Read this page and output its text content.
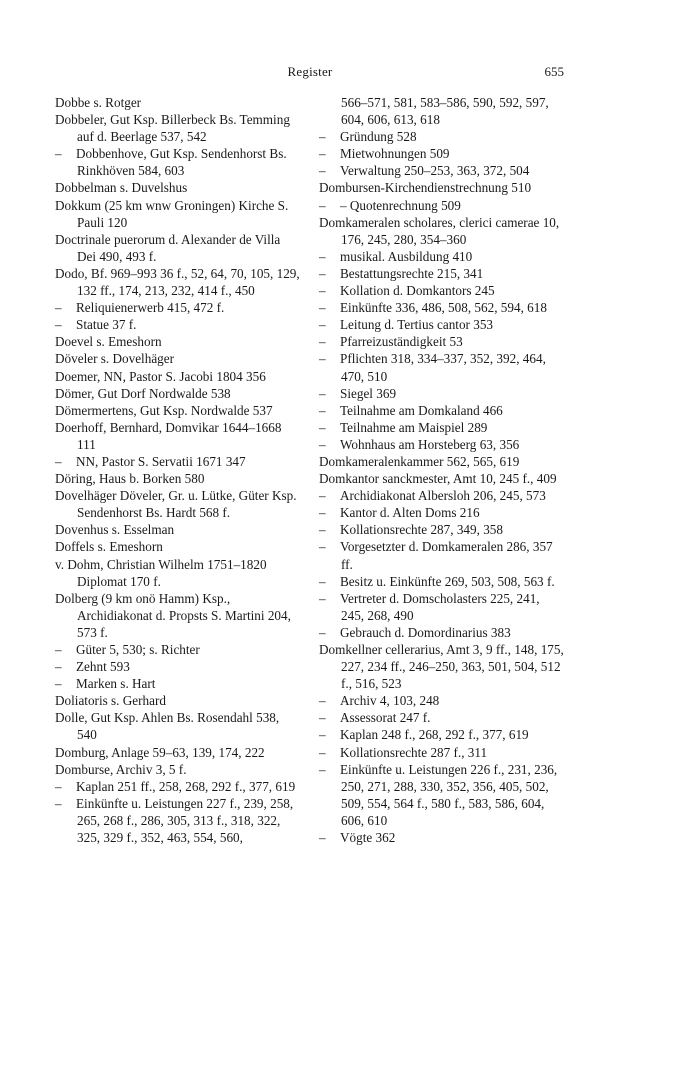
Register	655
Dobbe s. Rotger
Dobbeler, Gut Ksp. Billerbeck Bs. Temming auf d. Beerlage 537, 542
– Dobbenhove, Gut Ksp. Sendenhorst Bs. Rinkhöven 584, 603
Dobbelman s. Duvelshus
Dokkum (25 km wnw Groningen) Kirche S. Pauli 120
Doctrinale puerorum d. Alexander de Villa Dei 490, 493 f.
Dodo, Bf. 969–993 36 f., 52, 64, 70, 105, 129, 132 ff., 174, 213, 232, 414 f., 450
– Reliquienerwerb 415, 472 f.
– Statue 37 f.
Doevel s. Emeshorn
Döveler s. Dovelhäger
Doemer, NN, Pastor S. Jacobi 1804 356
Dömer, Gut Dorf Nordwalde 538
Dömermertens, Gut Ksp. Nordwalde 537
Doerhoff, Bernhard, Domvikar 1644–1668 111
– NN, Pastor S. Servatii 1671 347
Döring, Haus b. Borken 580
Dovelhäger Döveler, Gr. u. Lütke, Güter Ksp. Sendenhorst Bs. Hardt 568 f.
Dovenhus s. Esselman
Doffels s. Emeshorn
v. Dohm, Christian Wilhelm 1751–1820 Diplomat 170 f.
Dolberg (9 km onö Hamm) Ksp., Archidiakonat d. Propsts S. Martini 204, 573 f.
– Güter 5, 530; s. Richter
– Zehnt 593
– Marken s. Hart
Doliatoris s. Gerhard
Dolle, Gut Ksp. Ahlen Bs. Rosendahl 538, 540
Domburg, Anlage 59–63, 139, 174, 222
Domburse, Archiv 3, 5 f.
– Kaplan 251 ff., 258, 268, 292 f., 377, 619
– Einkünfte u. Leistungen 227 f., 239, 258, 265, 268 f., 286, 305, 313 f., 318, 322, 325, 329 f., 352, 463, 554, 560,
566–571, 581, 583–586, 590, 592, 597, 604, 606, 613, 618
– Gründung 528
– Mietwohnungen 509
– Verwaltung 250–253, 363, 372, 504
Dombursen-Kirchendienstrechnung 510
– – Quotenrechnung 509
Domkameralen scholares, clerici camerae 10, 176, 245, 280, 354–360
– musikal. Ausbildung 410
– Bestattungsrechte 215, 341
– Kollation d. Domkantors 245
– Einkünfte 336, 486, 508, 562, 594, 618
– Leitung d. Tertius cantor 353
– Pfarreizuständigkeit 53
– Pflichten 318, 334–337, 352, 392, 464, 470, 510
– Siegel 369
– Teilnahme am Domkaland 466
– Teilnahme am Maispiel 289
– Wohnhaus am Horsteberg 63, 356
Domkameralenkammer 562, 565, 619
Domkantor sanckmester, Amt 10, 245 f., 409
– Archidiakonat Albersloh 206, 245, 573
– Kantor d. Alten Doms 216
– Kollationsrechte 287, 349, 358
– Vorgesetzter d. Domkameralen 286, 357 ff.
– Besitz u. Einkünfte 269, 503, 508, 563 f.
– Vertreter d. Domscholasters 225, 241, 245, 268, 490
– Gebrauch d. Domordinarius 383
Domkellner cellerarius, Amt 3, 9 ff., 148, 175, 227, 234 ff., 246–250, 363, 501, 504, 512 f., 516, 523
– Archiv 4, 103, 248
– Assessorat 247 f.
– Kaplan 248 f., 268, 292 f., 377, 619
– Kollationsrechte 287 f., 311
– Einkünfte u. Leistungen 226 f., 231, 236, 250, 271, 288, 330, 352, 356, 405, 502, 509, 554, 564 f., 580 f., 583, 586, 604, 606, 610
– Vögte 362
